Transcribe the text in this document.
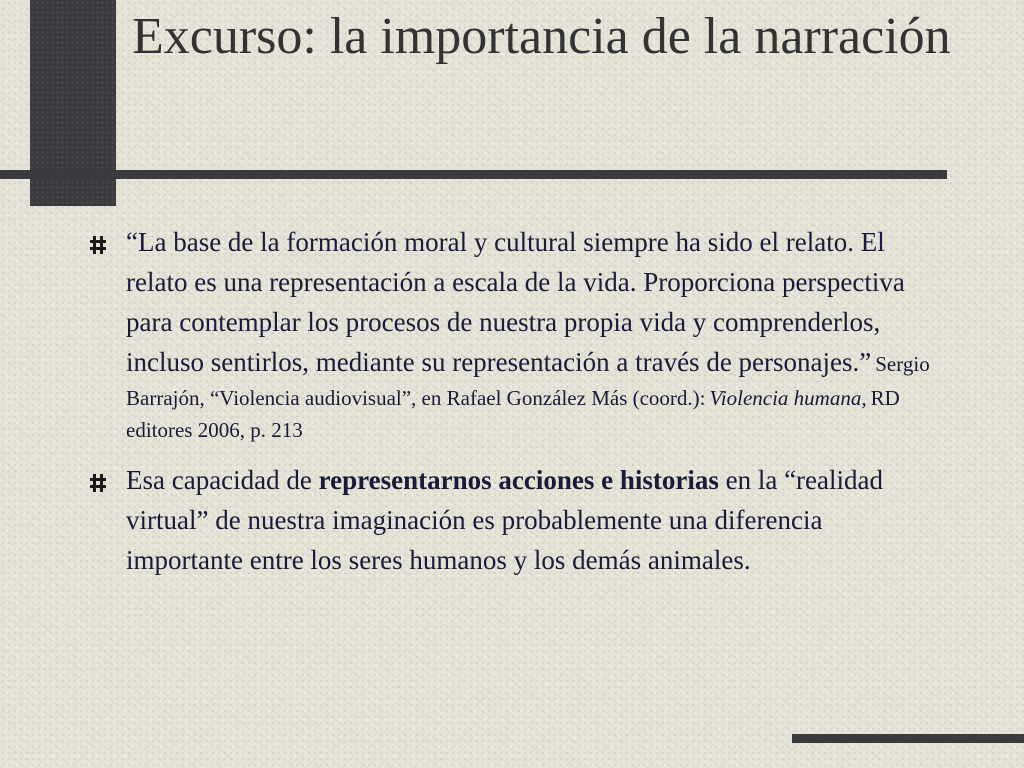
Excurso: la importancia de la narración
“La base de la formación moral y cultural siempre ha sido el relato. El relato es una representación a escala de la vida. Proporciona perspectiva para contemplar los procesos de nuestra propia vida y comprenderlos, incluso sentirlos, mediante su representación a través de personajes.” Sergio Barrajón, “Violencia audiovisual”, en Rafael González Más (coord.): Violencia humana, RD editores 2006, p. 213
Esa capacidad de representarnos acciones e historias en la “realidad virtual” de nuestra imaginación es probablemente una diferencia importante entre los seres humanos y los demás animales.
